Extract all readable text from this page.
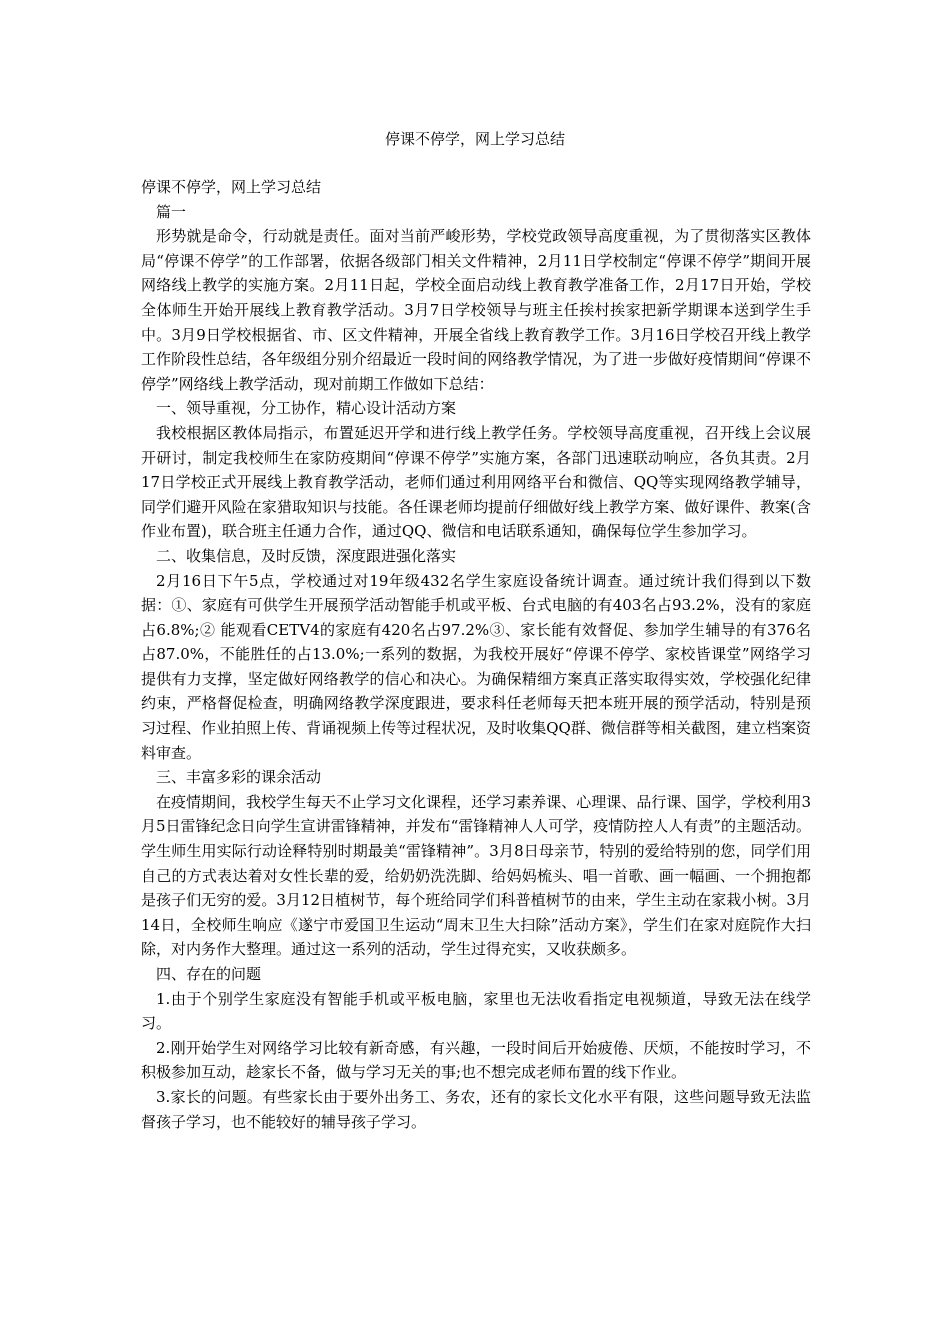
停课不停学，网上学习总结

停课不停学，网上学习总结

篇一

形势就是命令，行动就是责任。面对当前严峻形势，学校党政领导高度重视，为了贯彻落实区教体局“停课不停学”的工作部署，依据各级部门相关文件精神，2月11日学校制定“停课不停学”期间开展网络线上教学的实施方案。2月11日起，学校全面启动线上教育教学准备工作，2月17日开始，学校全体师生开始开展线上教育教学活动。3月7日学校领导与班主任挨村挨家把新学期课本送到学生手中。3月9日学校根据省、市、区文件精神，开展全省线上教育教学工作。3月16日学校召开线上教学工作阶段性总结，各年级组分别介绍最近一段时间的网络教学情况，为了进一步做好疫情期间“停课不停学”网络线上教学活动，现对前期工作做如下总结：

一、领导重视，分工协作，精心设计活动方案

我校根据区教体局指示，布置延迟开学和进行线上教学任务。学校领导高度重视，召开线上会议展开研讨，制定我校师生在家防疫期间“停课不停学”实施方案，各部门迅速联动响应，各负其责。2月17日学校正式开展线上教育教学活动，老师们通过利用网络平台和微信、QQ等实现网络教学辅导，同学们避开风险在家猎取知识与技能。各任课老师均提前仔细做好线上教学方案、做好课件、教案(含作业布置)，联合班主任通力合作，通过QQ、微信和电话联系通知，确保每位学生参加学习。

二、收集信息，及时反馈，深度跟进强化落实

2月16日下午5点，学校通过对19年级432名学生家庭设备统计调查。通过统计我们得到以下数据：①、家庭有可供学生开展预学活动智能手机或平板、台式电脑的有403名占93.2%，没有的家庭占6.8%;② 能观看CETV4的家庭有420名占97.2%③、家长能有效督促、参加学生辅导的有376名占87.0%，不能胜任的占13.0%;一系列的数据，为我校开展好“停课不停学、家校皆课堂”网络学习提供有力支撑，坚定做好网络教学的信心和决心。为确保精细方案真正落实取得实效，学校强化纪律约束，严格督促检查，明确网络教学深度跟进，要求科任老师每天把本班开展的预学活动，特别是预习过程、作业拍照上传、背诵视频上传等过程状况，及时收集QQ群、微信群等相关截图，建立档案资料审查。

三、丰富多彩的课余活动

在疫情期间，我校学生每天不止学习文化课程，还学习素养课、心理课、品行课、国学，学校利用3月5日雷锋纪念日向学生宣讲雷锋精神，并发布“雷锋精神人人可学，疫情防控人人有责”的主题活动。学生师生用实际行动诠释特别时期最美“雷锋精神”。3月8日母亲节，特别的爱给特别的您，同学们用自己的方式表达着对女性长辈的爱，给奶奶洗洗脚、给妈妈梳头、唱一首歌、画一幅画、一个拥抱都是孩子们无穷的爱。3月12日植树节，每个班给同学们科普植树节的由来，学生主动在家栽小树。3月14日，全校师生响应《遂宁市爱国卫生运动“周末卫生大扫除”活动方案》，学生们在家对庭院作大扫除，对内务作大整理。通过这一系列的活动，学生过得充实，又收获颇多。

四、存在的问题

1.由于个别学生家庭没有智能手机或平板电脑，家里也无法收看指定电视频道，导致无法在线学习。

2.刚开始学生对网络学习比较有新奇感，有兴趣，一段时间后开始疲倦、厌烦，不能按时学习，不积极参加互动，趁家长不备，做与学习无关的事;也不想完成老师布置的线下作业。

3.家长的问题。有些家长由于要外出务工、务农，还有的家长文化水平有限，这些问题导致无法监督孩子学习，也不能较好的辅导孩子学习。
